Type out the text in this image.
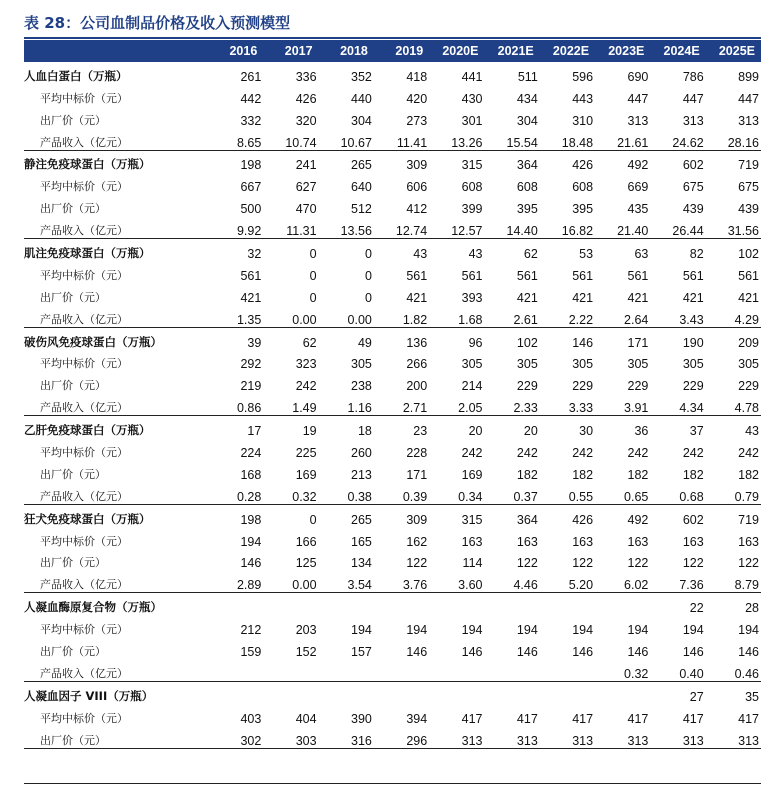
表 28：公司血制品价格及收入预测模型
	2016	2017	2018	2019	2020E	2021E	2022E	2023E	2024E	2025E
人血白蛋白（万瓶）	261	336	352	418	441	511	596	690	786	899
平均中标价（元）	442	426	440	420	430	434	443	447	447	447
出厂价（元）	332	320	304	273	301	304	310	313	313	313
产品收入（亿元）	8.65	10.74	10.67	11.41	13.26	15.54	18.48	21.61	24.62	28.16
静注免疫球蛋白（万瓶）	198	241	265	309	315	364	426	492	602	719
平均中标价（元）	667	627	640	606	608	608	608	669	675	675
出厂价（元）	500	470	512	412	399	395	395	435	439	439
产品收入（亿元）	9.92	11.31	13.56	12.74	12.57	14.40	16.82	21.40	26.44	31.56
肌注免疫球蛋白（万瓶）	32	0	0	43	43	62	53	63	82	102
平均中标价（元）	561	0	0	561	561	561	561	561	561	561
出厂价（元）	421	0	0	421	393	421	421	421	421	421
产品收入（亿元）	1.35	0.00	0.00	1.82	1.68	2.61	2.22	2.64	3.43	4.29
破伤风免疫球蛋白（万瓶）	39	62	49	136	96	102	146	171	190	209
平均中标价（元）	292	323	305	266	305	305	305	305	305	305
出厂价（元）	219	242	238	200	214	229	229	229	229	229
产品收入（亿元）	0.86	1.49	1.16	2.71	2.05	2.33	3.33	3.91	4.34	4.78
乙肝免疫球蛋白（万瓶）	17	19	18	23	20	20	30	36	37	43
平均中标价（元）	224	225	260	228	242	242	242	242	242	242
出厂价（元）	168	169	213	171	169	182	182	182	182	182
产品收入（亿元）	0.28	0.32	0.38	0.39	0.34	0.37	0.55	0.65	0.68	0.79
狂犬免疫球蛋白（万瓶）	198	0	265	309	315	364	426	492	602	719
平均中标价（元）	194	166	165	162	163	163	163	163	163	163
出厂价（元）	146	125	134	122	114	122	122	122	122	122
产品收入（亿元）	2.89	0.00	3.54	3.76	3.60	4.46	5.20	6.02	7.36	8.79
人凝血酶原复合物（万瓶）									22	28
平均中标价（元）	212	203	194	194	194	194	194	194	194	194
出厂价（元）	159	152	157	146	146	146	146	146	146	146
产品收入（亿元）								0.32	0.40	0.46
人凝血因子 VIII（万瓶）									27	35
平均中标价（元）	403	404	390	394	417	417	417	417	417	417
出厂价（元）	302	303	316	296	313	313	313	313	313	313
